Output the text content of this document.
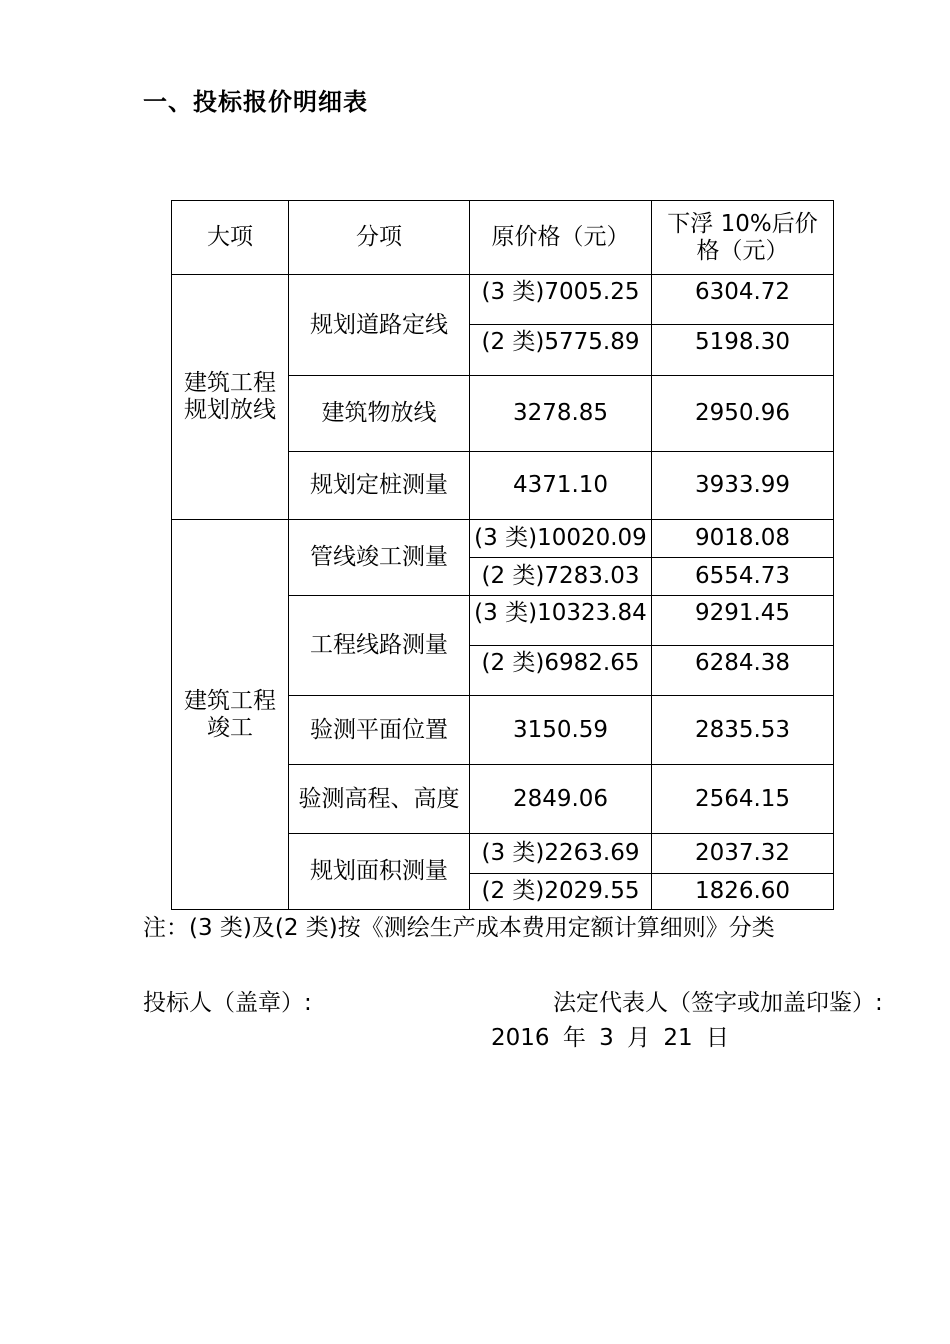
一、投标报价明细表
大项	分项	原价格（元）	下浮 10%后价格（元）
建筑工程规划放线	规划道路定线	(3 类)7005.25	6304.72
		(2 类)5775.89	5198.30
	建筑物放线	3278.85	2950.96
	规划定桩测量	4371.10	3933.99
建筑工程竣工	管线竣工测量	(3 类)10020.09	9018.08
		(2 类)7283.03	6554.73
	工程线路测量	(3 类)10323.84	9291.45
		(2 类)6982.65	6284.38
	验测平面位置	3150.59	2835.53
	验测高程、高度	2849.06	2564.15
	规划面积测量	(3 类)2263.69	2037.32
		(2 类)2029.55	1826.60
注：(3 类)及(2 类)按《测绘生产成本费用定额计算细则》分类
投标人（盖章）:	法定代表人（签字或加盖印鉴）:
2016 年 3 月 21 日
